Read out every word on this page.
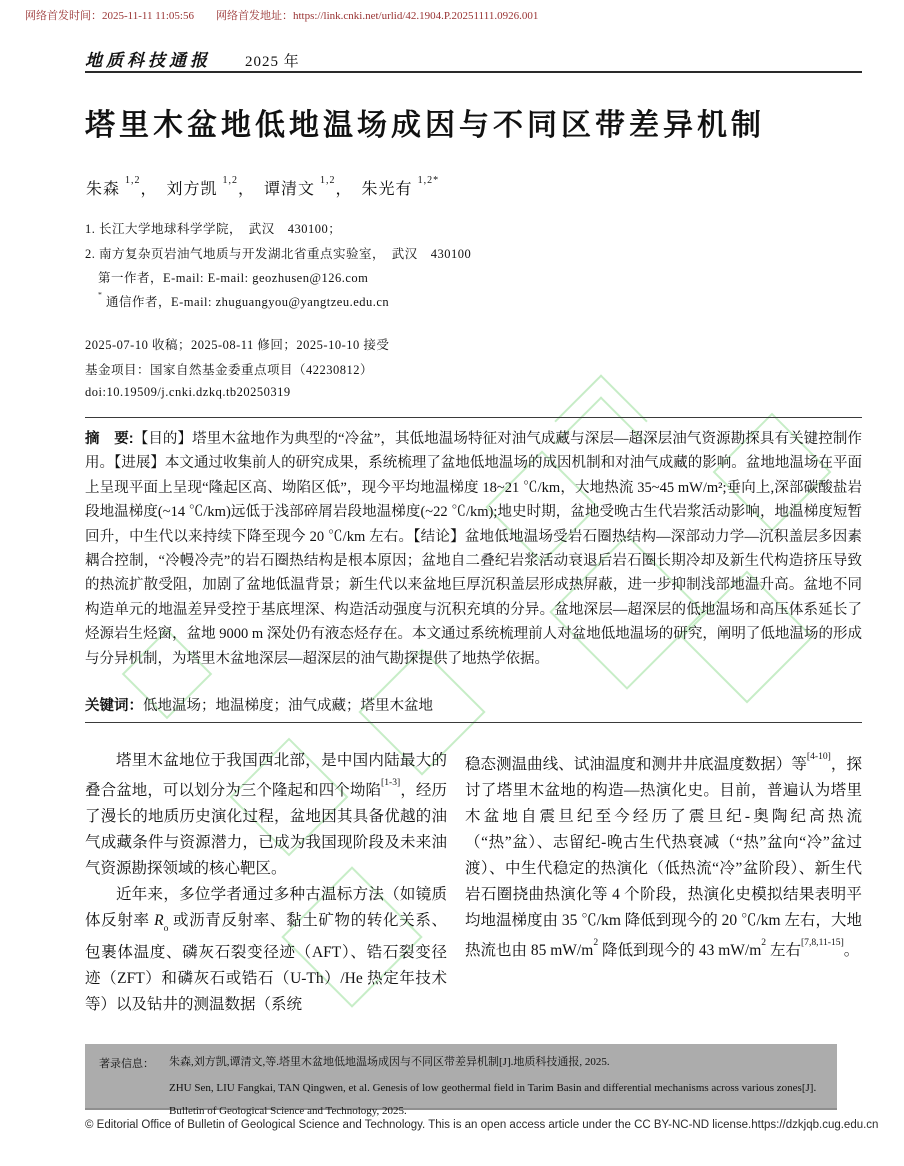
网络首发时间：2025-11-11 11:05:56 网络首发地址：https://link.cnki.net/urlid/42.1904.P.20251111.0926.001
地质科技通报 2025 年
塔里木盆地低地温场成因与不同区带差异机制
朱森 $^{1,2}$，　刘方凯 $^{1,2}$，　谭清文 $^{1,2}$，　朱光有 $^{1,2*}$
1. 长江大学地球科学学院，　武汉　430100；
2. 南方复杂页岩油气地质与开发湖北省重点实验室，　武汉　430100
第一作者，E-mail: E-mail: geozhusen@126.com
* 通信作者，E-mail: zhuguangyou@yangtzeu.edu.cn
2025-07-10 收稿；2025-08-11 修回；2025-10-10 接受
基金项目：国家自然基金委重点项目（42230812）
doi:10.19509/j.cnki.dzkq.tb20250319
摘　要:【目的】塔里木盆地作为典型的“冷盆”，其低地温场特征对油气成藏与深层—超深层油气资源勘探具有关键控制作用。【进展】本文通过收集前人的研究成果，系统梳理了盆地低地温场的成因机制和对油气成藏的影响。盆地地温场在平面上呈现平面上呈现“隆起区高、坳陷区低”，现今平均地温梯度 18~21 ℃/km，大地热流 35~45 mW/m²;垂向上,深部碳酸盐岩段地温梯度(~14 ℃/km)远低于浅部碎屑岩段地温梯度(~22 ℃/km);地史时期，盆地受晚古生代岩浆活动影响，地温梯度短暂回升，中生代以来持续下降至现今 20 ℃/km 左右。【结论】盆地低地温场受岩石圈热结构—深部动力学—沉积盖层多因素耦合控制，“冷幔冷壳”的岩石圈热结构是根本原因；盆地自二叠纪岩浆活动衰退后岩石圈长期冷却及新生代构造挤压导致的热流扩散受阻，加剧了盆地低温背景；新生代以来盆地巨厚沉积盖层形成热屏蔽，进一步抑制浅部地温升高。盆地不同构造单元的地温差异受控于基底埋深、构造活动强度与沉积充填的分异。盆地深层—超深层的低地温场和高压体系延长了烃源岩生烃窗，盆地 9000 m 深处仍有液态烃存在。本文通过系统梳理前人对盆地低地温场的研究，阐明了低地温场的形成与分异机制，为塔里木盆地深层—超深层的油气勘探提供了地热学依据。
关键词：低地温场；地温梯度；油气成藏；塔里木盆地

塔里木盆地位于我国西北部，是中国内陆最大的叠合盆地，可以划分为三个隆起和四个坳陷[1-3]，经历了漫长的地质历史演化过程，盆地因其具备优越的油气成藏条件与资源潜力，已成为我国现阶段及未来油气资源勘探领域的核心靶区。

近年来，多位学者通过多种古温标方法（如镜质体反射率 $R_o$ 或沥青反射率、黏土矿物的转化关系、包裹体温度、磷灰石裂变径迹（AFT）、锆石裂变径迹（ZFT）和磷灰石或锆石（U-Th）/He 热定年技术等）以及钻井的测温数据（系统

稳态测温曲线、试油温度和测井井底温度数据）等[4-10]，探讨了塔里木盆地的构造—热演化史。目前，普遍认为塔里木盆地自震旦纪至今经历了震旦纪-奥陶纪高热流（“热”盆）、志留纪-晚古生代热衰减（“热”盆向“冷”盆过渡）、中生代稳定的热演化（低热流“冷”盆阶段）、新生代岩石圈挠曲热演化等 4 个阶段，热演化史模拟结果表明平均地温梯度由 35 ℃/km 降低到现今的 20 ℃/km 左右，大地热流也由 85 $mW/m^2$ 降低到现今的 43 $mW/m^2$ 左右[7,8,11-15]。

著录信息：	朱森,刘方凯,谭清文,等.塔里木盆地低地温场成因与不同区带差异机制[J].地质科技通报, 2025.

ZHU Sen, LIU Fangkai, TAN Qingwen, et al. Genesis of low geothermal field in Tarim Basin and differential mechanisms across various zones[J]. Bulletin of Geological Science and Technology, 2025.

© Editorial Office of Bulletin of Geological Science and Technology. This is an open access article under the CC BY-NC-ND license. https://dzkjqb.cug.edu.cn
